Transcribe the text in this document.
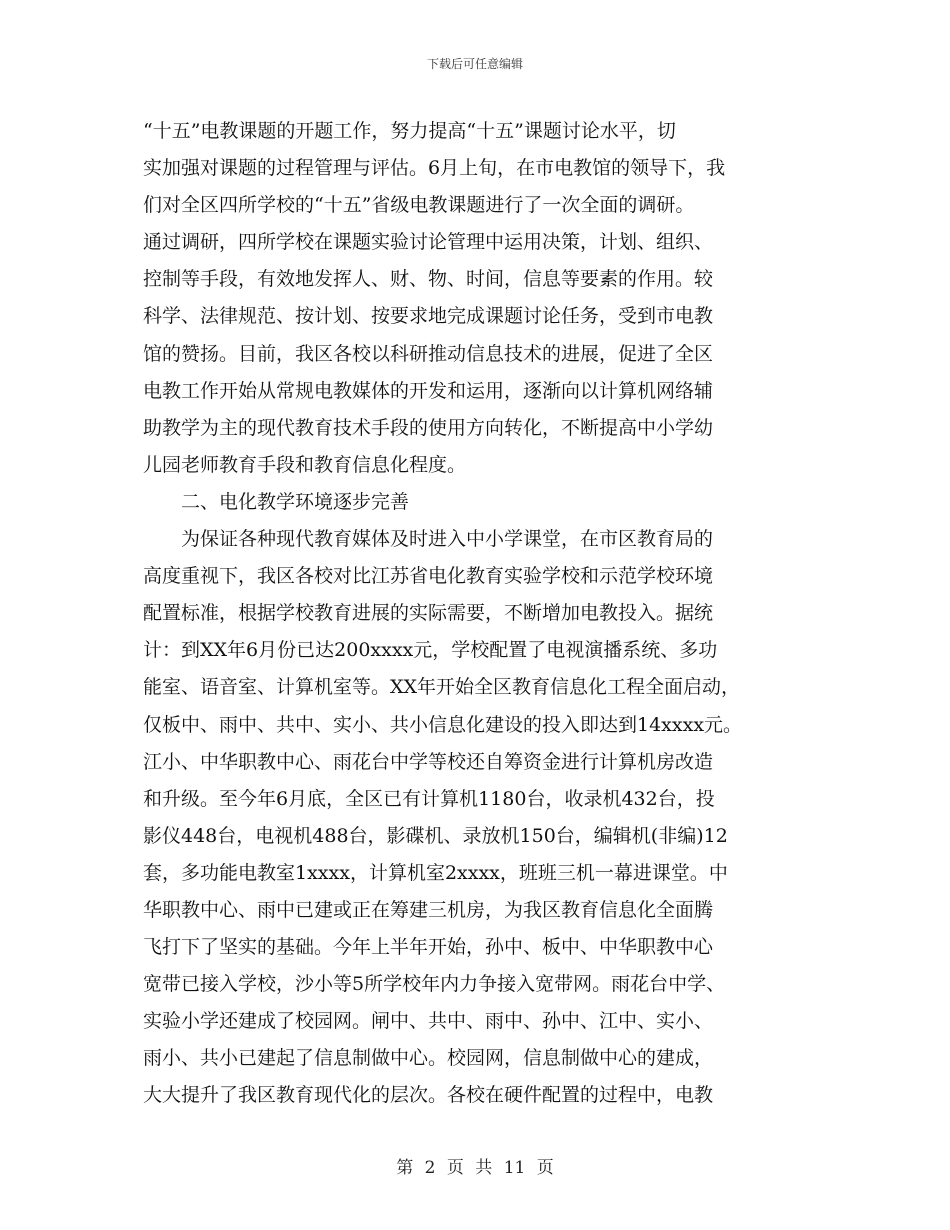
下载后可任意编辑
“十五”电教课题的开题工作，努力提高“十五”课题讨论水平，切
实加强对课题的过程管理与评估。6月上旬，在市电教馆的领导下，我
们对全区四所学校的“十五”省级电教课题进行了一次全面的调研。
通过调研，四所学校在课题实验讨论管理中运用决策，计划、组织、
控制等手段，有效地发挥人、财、物、时间，信息等要素的作用。较
科学、法律规范、按计划、按要求地完成课题讨论任务，受到市电教
馆的赞扬。目前，我区各校以科研推动信息技术的进展，促进了全区
电教工作开始从常规电教媒体的开发和运用，逐渐向以计算机网络辅
助教学为主的现代教育技术手段的使用方向转化，不断提高中小学幼
儿园老师教育手段和教育信息化程度。
二、电化教学环境逐步完善
为保证各种现代教育媒体及时进入中小学课堂，在市区教育局的
高度重视下，我区各校对比江苏省电化教育实验学校和示范学校环境
配置标准，根据学校教育进展的实际需要，不断增加电教投入。据统
计：到XX年6月份已达200xxxx元，学校配置了电视演播系统、多功
能室、语音室、计算机室等。XX年开始全区教育信息化工程全面启动，
仅板中、雨中、共中、实小、共小信息化建设的投入即达到14xxxx元。
江小、中华职教中心、雨花台中学等校还自筹资金进行计算机房改造
和升级。至今年6月底，全区已有计算机1180台，收录机432台，投
影仪448台，电视机488台，影碟机、录放机150台，编辑机(非编)12
套，多功能电教室1xxxx，计算机室2xxxx，班班三机一幕进课堂。中
华职教中心、雨中已建或正在筹建三机房，为我区教育信息化全面腾
飞打下了坚实的基础。今年上半年开始，孙中、板中、中华职教中心
宽带已接入学校，沙小等5所学校年内力争接入宽带网。雨花台中学、
实验小学还建成了校园网。闸中、共中、雨中、孙中、江中、实小、
雨小、共小已建起了信息制做中心。校园网，信息制做中心的建成，
大大提升了我区教育现代化的层次。各校在硬件配置的过程中，电教
第 2 页 共 11 页
